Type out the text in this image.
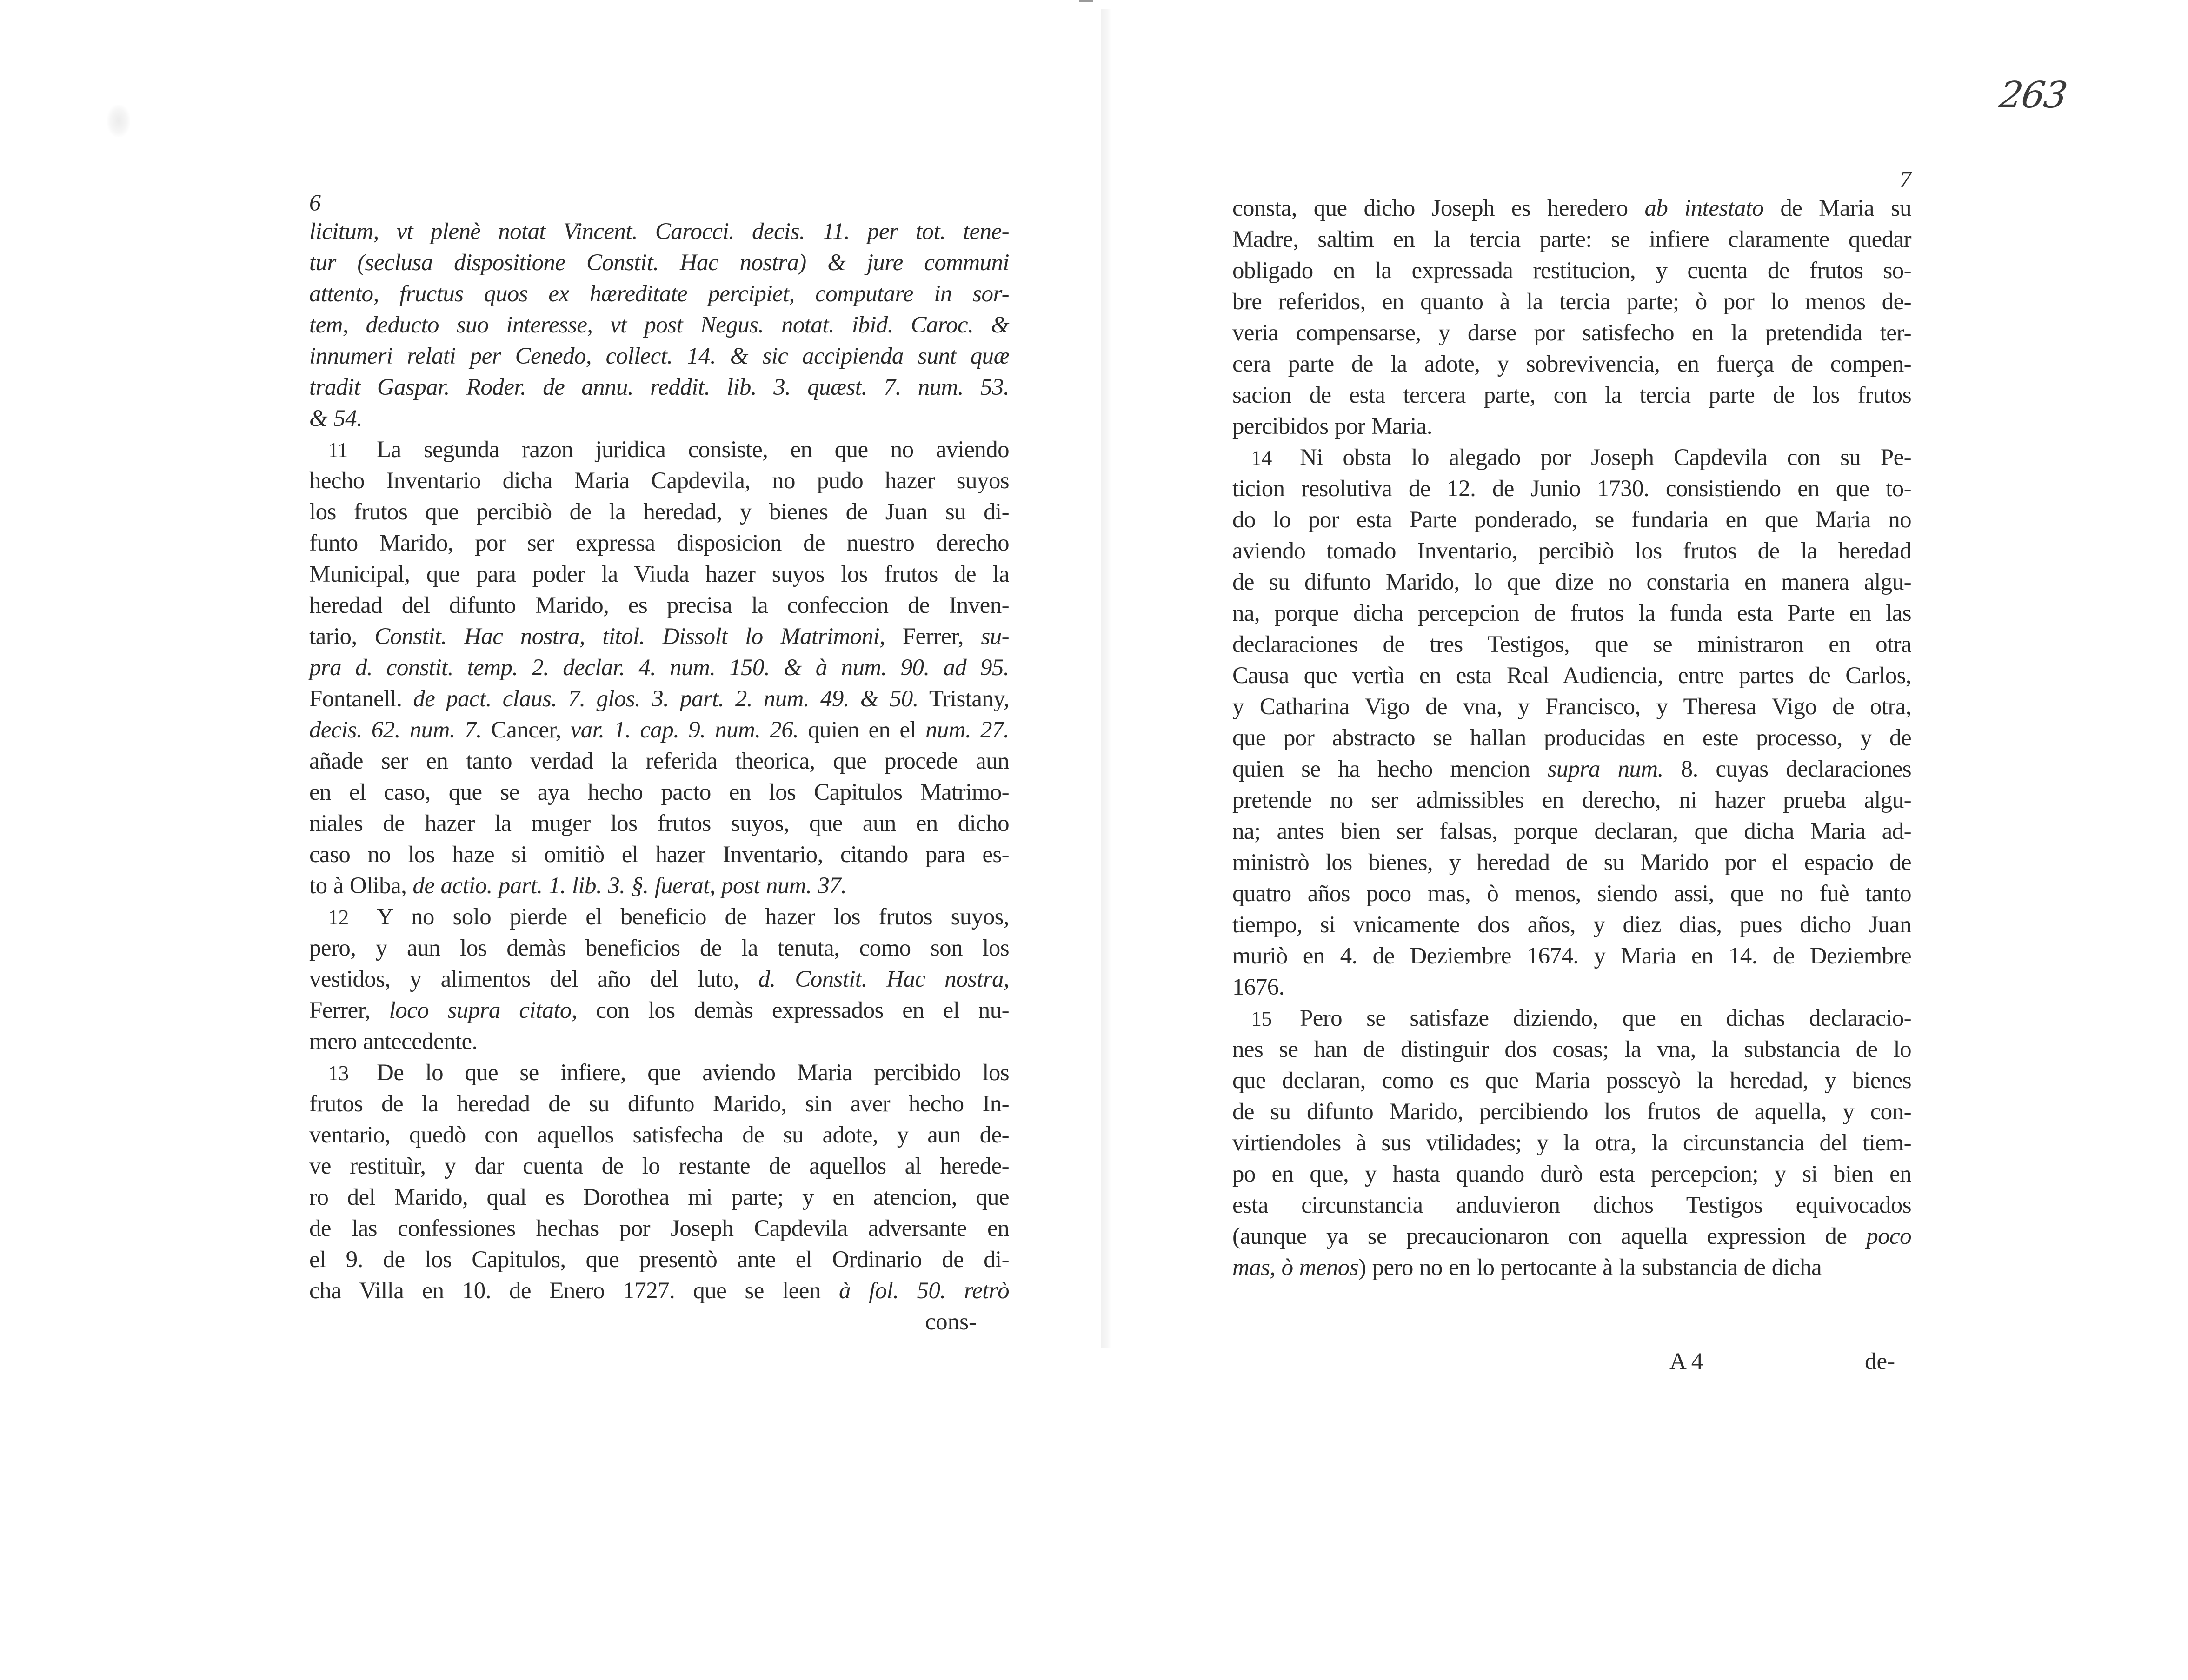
263
6
licitum, vt plenè notat Vincent. Carocci. decis. 11. per tot. tene-
tur (seclusa dispositione Constit. Hac nostra) & jure communi
attento, fructus quos ex hæreditate percipiet, computare in sor-
tem, deducto suo interesse, vt post Negus. notat. ibid. Caroc. &
innumeri relati per Cenedo, collect. 14. & sic accipienda sunt quæ
tradit Gaspar. Roder. de annu. reddit. lib. 3. quæst. 7. num. 53.
& 54.
11 La segunda razon juridica consiste, en que no aviendo
hecho Inventario dicha Maria Capdevila, no pudo hazer suyos
los frutos que percibiò de la heredad, y bienes de Juan su di-
funto Marido, por ser expressa disposicion de nuestro derecho
Municipal, que para poder la Viuda hazer suyos los frutos de la
heredad del difunto Marido, es precisa la confeccion de Inven-
tario, Constit. Hac nostra, titol. Dissolt lo Matrimoni, Ferrer, su-
pra d. constit. temp. 2. declar. 4. num. 150. & à num. 90. ad 95.
Fontanell. de pact. claus. 7. glos. 3. part. 2. num. 49. & 50. Tristany,
decis. 62. num. 7. Cancer, var. 1. cap. 9. num. 26. quien en el num. 27.
añade ser en tanto verdad la referida theorica, que procede aun
en el caso, que se aya hecho pacto en los Capitulos Matrimo-
niales de hazer la muger los frutos suyos, que aun en dicho
caso no los haze si omitiò el hazer Inventario, citando para es-
to à Oliba, de actio. part. 1. lib. 3. §. fuerat, post num. 37.
12 Y no solo pierde el beneficio de hazer los frutos suyos,
pero, y aun los demàs beneficios de la tenuta, como son los
vestidos, y alimentos del año del luto, d. Constit. Hac nostra,
Ferrer, loco supra citato, con los demàs expressados en el nu-
mero antecedente.
13 De lo que se infiere, que aviendo Maria percibido los
frutos de la heredad de su difunto Marido, sin aver hecho In-
ventario, quedò con aquellos satisfecha de su adote, y aun de-
ve restituìr, y dar cuenta de lo restante de aquellos al herede-
ro del Marido, qual es Dorothea mi parte; y en atencion, que
de las confessiones hechas por Joseph Capdevila adversante en
el 9. de los Capitulos, que presentò ante el Ordinario de di-
cha Villa en 10. de Enero 1727. que se leen à fol. 50. retrò
cons-
7
consta, que dicho Joseph es heredero ab intestato de Maria su
Madre, saltim en la tercia parte: se infiere claramente quedar
obligado en la expressada restitucion, y cuenta de frutos so-
bre referidos, en quanto à la tercia parte; ò por lo menos de-
veria compensarse, y darse por satisfecho en la pretendida ter-
cera parte de la adote, y sobrevivencia, en fuerça de compen-
sacion de esta tercera parte, con la tercia parte de los frutos
percibidos por Maria.
14 Ni obsta lo alegado por Joseph Capdevila con su Pe-
ticion resolutiva de 12. de Junio 1730. consistiendo en que to-
do lo por esta Parte ponderado, se fundaria en que Maria no
aviendo tomado Inventario, percibiò los frutos de la heredad
de su difunto Marido, lo que dize no constaria en manera algu-
na, porque dicha percepcion de frutos la funda esta Parte en las
declaraciones de tres Testigos, que se ministraron en otra
Causa que vertìa en esta Real Audiencia, entre partes de Carlos,
y Catharina Vigo de vna, y Francisco, y Theresa Vigo de otra,
que por abstracto se hallan producidas en este processo, y de
quien se ha hecho mencion supra num. 8. cuyas declaraciones
pretende no ser admissibles en derecho, ni hazer prueba algu-
na; antes bien ser falsas, porque declaran, que dicha Maria ad-
ministrò los bienes, y heredad de su Marido por el espacio de
quatro años poco mas, ò menos, siendo assi, que no fuè tanto
tiempo, si vnicamente dos años, y diez dias, pues dicho Juan
muriò en 4. de Deziembre 1674. y Maria en 14. de Deziembre
1676.
15 Pero se satisfaze diziendo, que en dichas declaracio-
nes se han de distinguir dos cosas; la vna, la substancia de lo
que declaran, como es que Maria posseyò la heredad, y bienes
de su difunto Marido, percibiendo los frutos de aquella, y con-
virtiendoles à sus vtilidades; y la otra, la circunstancia del tiem-
po en que, y hasta quando durò esta percepcion; y si bien en
esta circunstancia anduvieron dichos Testigos equivocados
(aunque ya se precaucionaron con aquella expression de poco
mas, ò menos) pero no en lo pertocante à la substancia de dicha
A 4	de-
